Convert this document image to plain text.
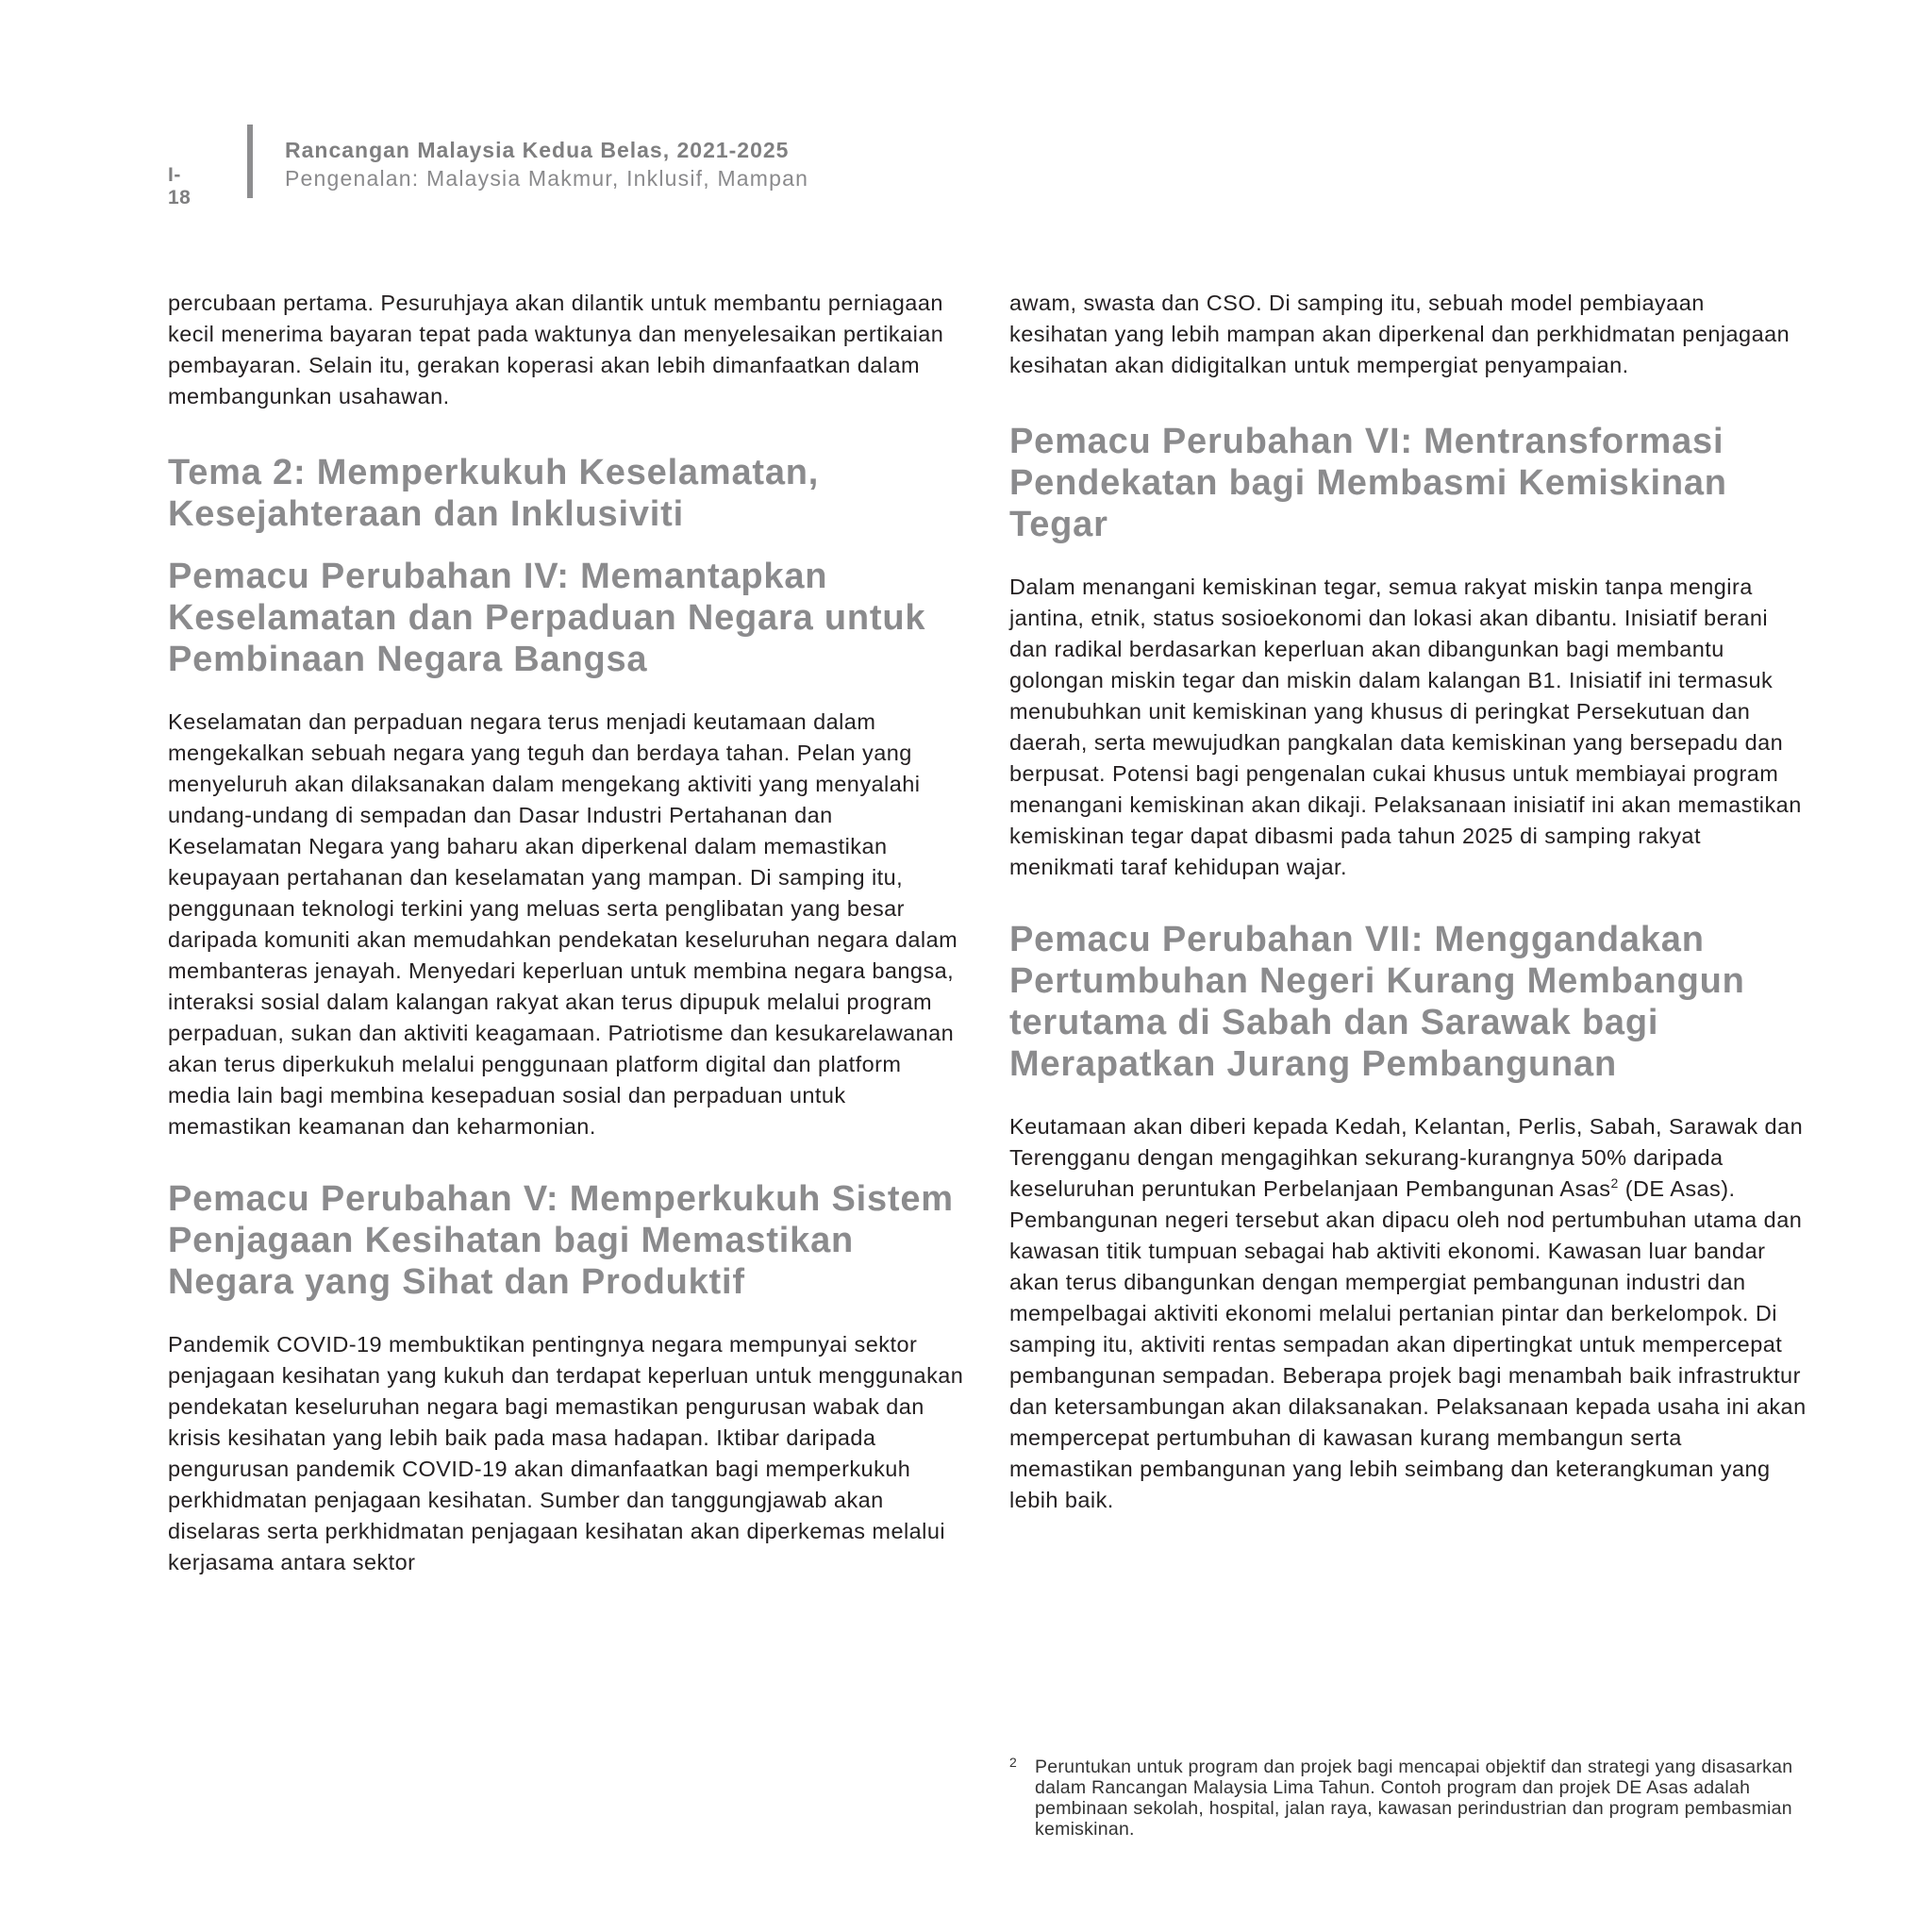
I-18
Rancangan Malaysia Kedua Belas, 2021-2025
Pengenalan: Malaysia Makmur, Inklusif, Mampan

percubaan pertama. Pesuruhjaya akan dilantik untuk membantu perniagaan kecil menerima bayaran tepat pada waktunya dan menyelesaikan pertikaian pembayaran. Selain itu, gerakan koperasi akan lebih dimanfaatkan dalam membangunkan usahawan.

Tema 2: Memperkukuh Keselamatan, Kesejahteraan dan Inklusiviti
Pemacu Perubahan IV: Memantapkan Keselamatan dan Perpaduan Negara untuk Pembinaan Negara Bangsa

Keselamatan dan perpaduan negara terus menjadi keutamaan dalam mengekalkan sebuah negara yang teguh dan berdaya tahan. Pelan yang menyeluruh akan dilaksanakan dalam mengekang aktiviti yang menyalahi undang-undang di sempadan dan Dasar Industri Pertahanan dan Keselamatan Negara yang baharu akan diperkenal dalam memastikan keupayaan pertahanan dan keselamatan yang mampan. Di samping itu, penggunaan teknologi terkini yang meluas serta penglibatan yang besar daripada komuniti akan memudahkan pendekatan keseluruhan negara dalam membanteras jenayah. Menyedari keperluan untuk membina negara bangsa, interaksi sosial dalam kalangan rakyat akan terus dipupuk melalui program perpaduan, sukan dan aktiviti keagamaan. Patriotisme dan kesukarelawanan akan terus diperkukuh melalui penggunaan platform digital dan platform media lain bagi membina kesepaduan sosial dan perpaduan untuk memastikan keamanan dan keharmonian.

Pemacu Perubahan V: Memperkukuh Sistem Penjagaan Kesihatan bagi Memastikan Negara yang Sihat dan Produktif

Pandemik COVID-19 membuktikan pentingnya negara mempunyai sektor penjagaan kesihatan yang kukuh dan terdapat keperluan untuk menggunakan pendekatan keseluruhan negara bagi memastikan pengurusan wabak dan krisis kesihatan yang lebih baik pada masa hadapan. Iktibar daripada pengurusan pandemik COVID-19 akan dimanfaatkan bagi memperkukuh perkhidmatan penjagaan kesihatan. Sumber dan tanggungjawab akan diselaras serta perkhidmatan penjagaan kesihatan akan diperkemas melalui kerjasama antara sektor

awam, swasta dan CSO. Di samping itu, sebuah model pembiayaan kesihatan yang lebih mampan akan diperkenal dan perkhidmatan penjagaan kesihatan akan didigitalkan untuk mempergiat penyampaian.

Pemacu Perubahan VI: Mentransformasi Pendekatan bagi Membasmi Kemiskinan Tegar

Dalam menangani kemiskinan tegar, semua rakyat miskin tanpa mengira jantina, etnik, status sosioekonomi dan lokasi akan dibantu. Inisiatif berani dan radikal berdasarkan keperluan akan dibangunkan bagi membantu golongan miskin tegar dan miskin dalam kalangan B1. Inisiatif ini termasuk menubuhkan unit kemiskinan yang khusus di peringkat Persekutuan dan daerah, serta mewujudkan pangkalan data kemiskinan yang bersepadu dan berpusat. Potensi bagi pengenalan cukai khusus untuk membiayai program menangani kemiskinan akan dikaji. Pelaksanaan inisiatif ini akan memastikan kemiskinan tegar dapat dibasmi pada tahun 2025 di samping rakyat menikmati taraf kehidupan wajar.

Pemacu Perubahan VII: Menggandakan Pertumbuhan Negeri Kurang Membangun terutama di Sabah dan Sarawak bagi Merapatkan Jurang Pembangunan

Keutamaan akan diberi kepada Kedah, Kelantan, Perlis, Sabah, Sarawak dan Terengganu dengan mengagihkan sekurang-kurangnya 50% daripada keseluruhan peruntukan Perbelanjaan Pembangunan Asas$^2$ (DE Asas). Pembangunan negeri tersebut akan dipacu oleh nod pertumbuhan utama dan kawasan titik tumpuan sebagai hab aktiviti ekonomi. Kawasan luar bandar akan terus dibangunkan dengan mempergiat pembangunan industri dan mempelbagai aktiviti ekonomi melalui pertanian pintar dan berkelompok. Di samping itu, aktiviti rentas sempadan akan dipertingkat untuk mempercepat pembangunan sempadan. Beberapa projek bagi menambah baik infrastruktur dan ketersambungan akan dilaksanakan. Pelaksanaan kepada usaha ini akan mempercepat pertumbuhan di kawasan kurang membangun serta memastikan pembangunan yang lebih seimbang dan keterangkuman yang lebih baik.

2 Peruntukan untuk program dan projek bagi mencapai objektif dan strategi yang disasarkan dalam Rancangan Malaysia Lima Tahun. Contoh program dan projek DE Asas adalah pembinaan sekolah, hospital, jalan raya, kawasan perindustrian dan program pembasmian kemiskinan.
